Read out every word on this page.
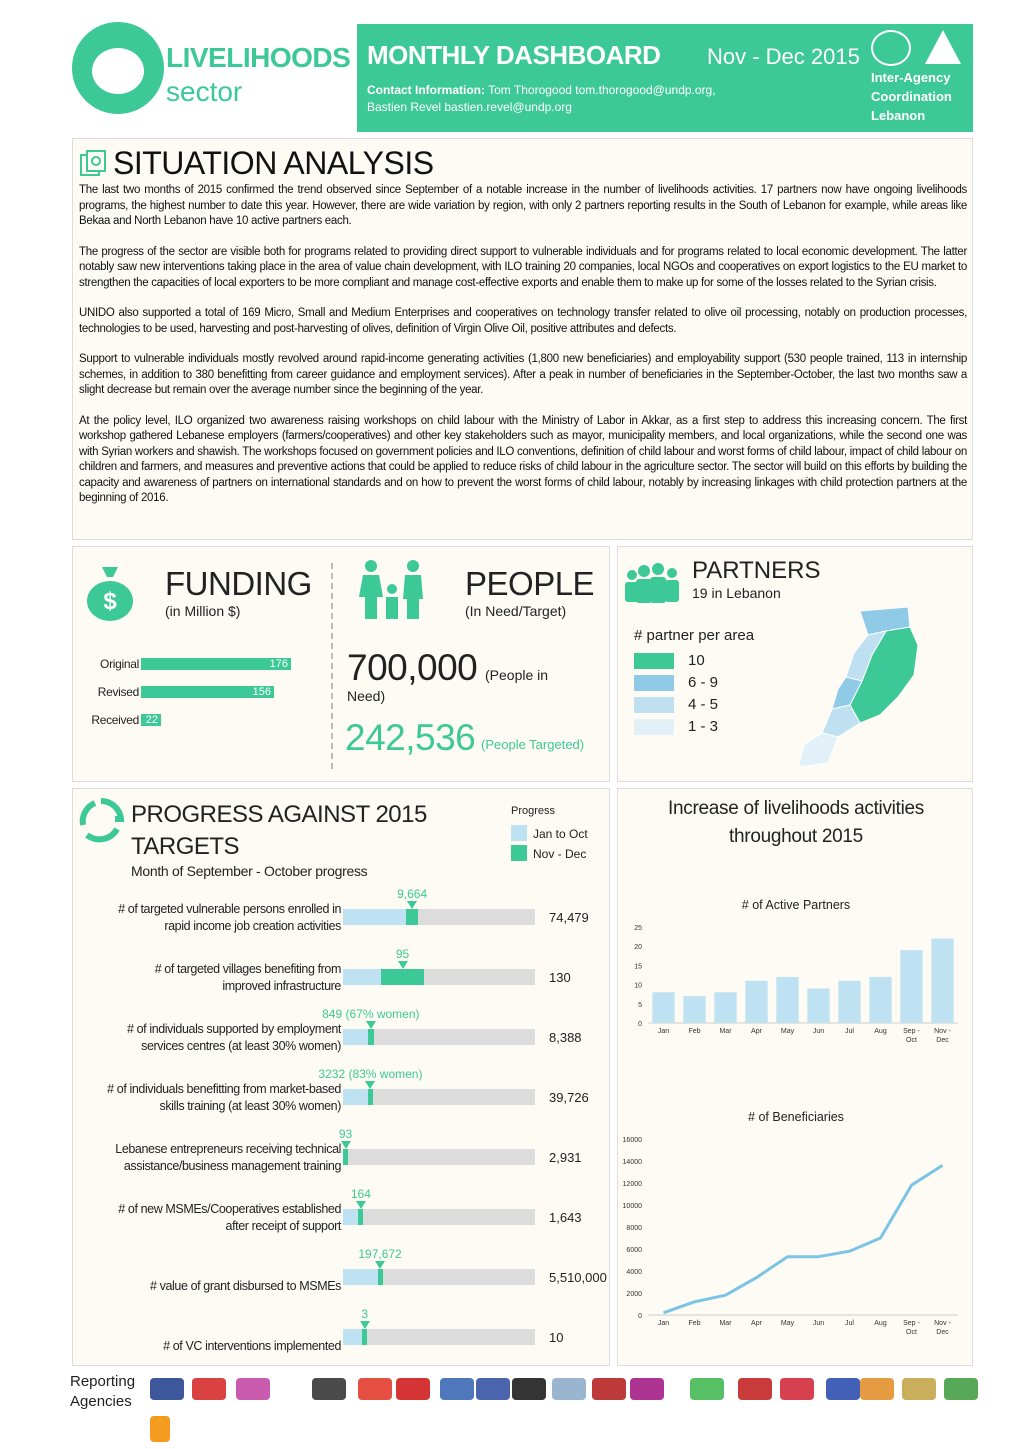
LIVELIHOODS
sector
MONTHLY DASHBOARD Nov - Dec 2015
Contact Information: Tom Thorogood tom.thorogood@undp.org,
Bastien Revel bastien.revel@undp.org
Inter-Agency
Coordination
Lebanon
SITUATION ANALYSIS

The last two months of 2015 confirmed the trend observed since September of a notable increase in the number of livelihoods activities. 17 partners now have ongoing livelihoods programs, the highest number to date this year. However, there are wide variation by region, with only 2 partners reporting results in the South of Lebanon for example, while areas like Bekaa and North Lebanon have 10 active partners each.

The progress of the sector are visible both for programs related to providing direct support to vulnerable individuals and for programs related to local economic development. The latter notably saw new interventions taking place in the area of value chain development, with ILO training 20 companies, local NGOs and cooperatives on export logistics to the EU market to strengthen the capacities of local exporters to be more compliant and manage cost-effective exports and enable them to make up for some of the losses related to the Syrian crisis.

UNIDO also supported a total of 169 Micro, Small and Medium Enterprises and cooperatives on technology transfer related to olive oil processing, notably on production processes, technologies to be used, harvesting and post-harvesting of olives, definition of Virgin Olive Oil, positive attributes and defects.

Support to vulnerable individuals mostly revolved around rapid-income generating activities (1,800 new beneficiaries) and employability support (530 people trained, 113 in internship schemes, in addition to 380 benefitting from career guidance and employment services). After a peak in number of beneficiaries in the September-October, the last two months saw a slight decrease but remain over the average number since the beginning of the year.

At the policy level, ILO organized two awareness raising workshops on child labour with the Ministry of Labor in Akkar, as a first step to address this increasing concern. The first workshop gathered Lebanese employers (farmers/cooperatives) and other key stakeholders such as mayor, municipality members, and local organizations, while the second one was with Syrian workers and shawish. The workshops focused on government policies and ILO conventions, definition of child labour and worst forms of child labour, impact of child labour on children and farmers, and measures and preventive actions that could be applied to reduce risks of child labour in the agriculture sector. The sector will build on this efforts by building the capacity and awareness of partners on international standards and on how to prevent the worst forms of child labour, notably by increasing linkages with child protection partners at the beginning of 2016.

$ FUNDING
(in Million $)
Original	176
Revised	156
Received 22
PEOPLE
(In Need/Target)
700,000 (People in
Need)
242,536 (People Targeted)
PARTNERS
19 in Lebanon
# partner per area
10
6 - 9
4 - 5
1 - 3
PROGRESS AGAINST 2015
TARGETS
Month of September - October progress
Progress
Jan to Oct
Nov - Dec
# of targeted vulnerable persons enrolled in
rapid income job creation activities
9,664
74,479
# of targeted villages benefiting from
improved infrastructure
95
130
# of individuals supported by employment
services centres (at least 30% women)
849 (67% women)
8,388
# of individuals benefitting from market-based
skills training (at least 30% women)
3232 (83% women)
39,726
Lebanese entrepreneurs receiving technical
assistance/business management training
93
2,931
# of new MSMEs/Cooperatives established
after receipt of support
164
1,643
# value of grant disbursed to MSMEs
197,672
5,510,000
# of VC interventions implemented
3
10
Increase of livelihoods activities
throughout 2015
# of Active Partners
0
5
10
15
20
25
Jan	Feb	Mar	Apr	May	Jun	Jul	Aug Sep -
Oct
Nov -
Dec
# of Beneficiaries
0
2000
4000
6000
8000
10000
12000
14000
16000
Jan	Feb	Mar	Apr	May	Jun	Jul	Aug Sep -
Oct
Nov -
Dec
Reporting
Agencies
